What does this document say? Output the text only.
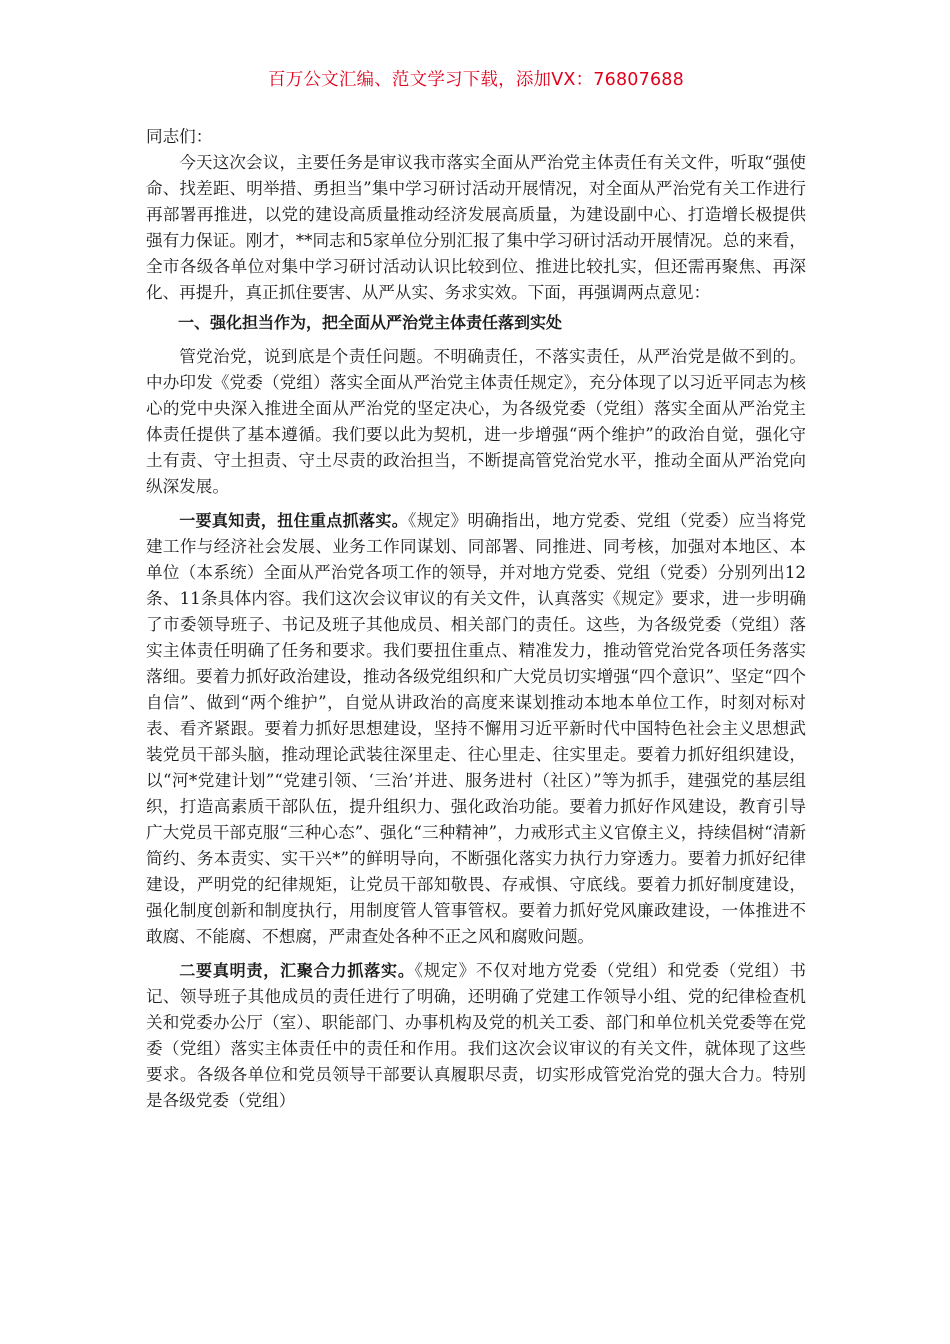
百万公文汇编、范文学习下载，添加VX：76807688

同志们：

今天这次会议，主要任务是审议我市落实全面从严治党主体责任有关文件，听取“强使命、找差距、明举措、勇担当”集中学习研讨活动开展情况，对全面从严治党有关工作进行再部署再推进，以党的建设高质量推动经济发展高质量，为建设副中心、打造增长极提供强有力保证。刚才，**同志和5家单位分别汇报了集中学习研讨活动开展情况。总的来看，全市各级各单位对集中学习研讨活动认识比较到位、推进比较扎实，但还需再聚焦、再深化、再提升，真正抓住要害、从严从实、务求实效。下面，再强调两点意见：

一、强化担当作为，把全面从严治党主体责任落到实处

管党治党，说到底是个责任问题。不明确责任，不落实责任，从严治党是做不到的。中办印发《党委（党组）落实全面从严治党主体责任规定》，充分体现了以习近平同志为核心的党中央深入推进全面从严治党的坚定决心，为各级党委（党组）落实全面从严治党主体责任提供了基本遵循。我们要以此为契机，进一步增强“两个维护”的政治自觉，强化守土有责、守土担责、守土尽责的政治担当，不断提高管党治党水平，推动全面从严治党向纵深发展。

一要真知责，扭住重点抓落实。《规定》明确指出，地方党委、党组（党委）应当将党建工作与经济社会发展、业务工作同谋划、同部署、同推进、同考核，加强对本地区、本单位（本系统）全面从严治党各项工作的领导，并对地方党委、党组（党委）分别列出12条、11条具体内容。我们这次会议审议的有关文件，认真落实《规定》要求，进一步明确了市委领导班子、书记及班子其他成员、相关部门的责任。这些，为各级党委（党组）落实主体责任明确了任务和要求。我们要扭住重点、精准发力，推动管党治党各项任务落实落细。要着力抓好政治建设，推动各级党组织和广大党员切实增强“四个意识”、坚定“四个自信”、做到“两个维护”，自觉从讲政治的高度来谋划推动本地本单位工作，时刻对标对表、看齐紧跟。要着力抓好思想建设，坚持不懈用习近平新时代中国特色社会主义思想武装党员干部头脑，推动理论武装往深里走、往心里走、往实里走。要着力抓好组织建设，以“河*党建计划”“党建引领、‘三治’并进、服务进村（社区）”等为抓手，建强党的基层组织，打造高素质干部队伍，提升组织力、强化政治功能。要着力抓好作风建设，教育引导广大党员干部克服“三种心态”、强化“三种精神”，力戒形式主义官僚主义，持续倡树“清新简约、务本责实、实干兴*”的鲜明导向，不断强化落实力执行力穿透力。要着力抓好纪律建设，严明党的纪律规矩，让党员干部知敬畏、存戒惧、守底线。要着力抓好制度建设，强化制度创新和制度执行，用制度管人管事管权。要着力抓好党风廉政建设，一体推进不敢腐、不能腐、不想腐，严肃查处各种不正之风和腐败问题。

二要真明责，汇聚合力抓落实。《规定》不仅对地方党委（党组）和党委（党组）书记、领导班子其他成员的责任进行了明确，还明确了党建工作领导小组、党的纪律检查机关和党委办公厅（室）、职能部门、办事机构及党的机关工委、部门和单位机关党委等在党委（党组）落实主体责任中的责任和作用。我们这次会议审议的有关文件，就体现了这些要求。各级各单位和党员领导干部要认真履职尽责，切实形成管党治党的强大合力。特别是各级党委（党组）
